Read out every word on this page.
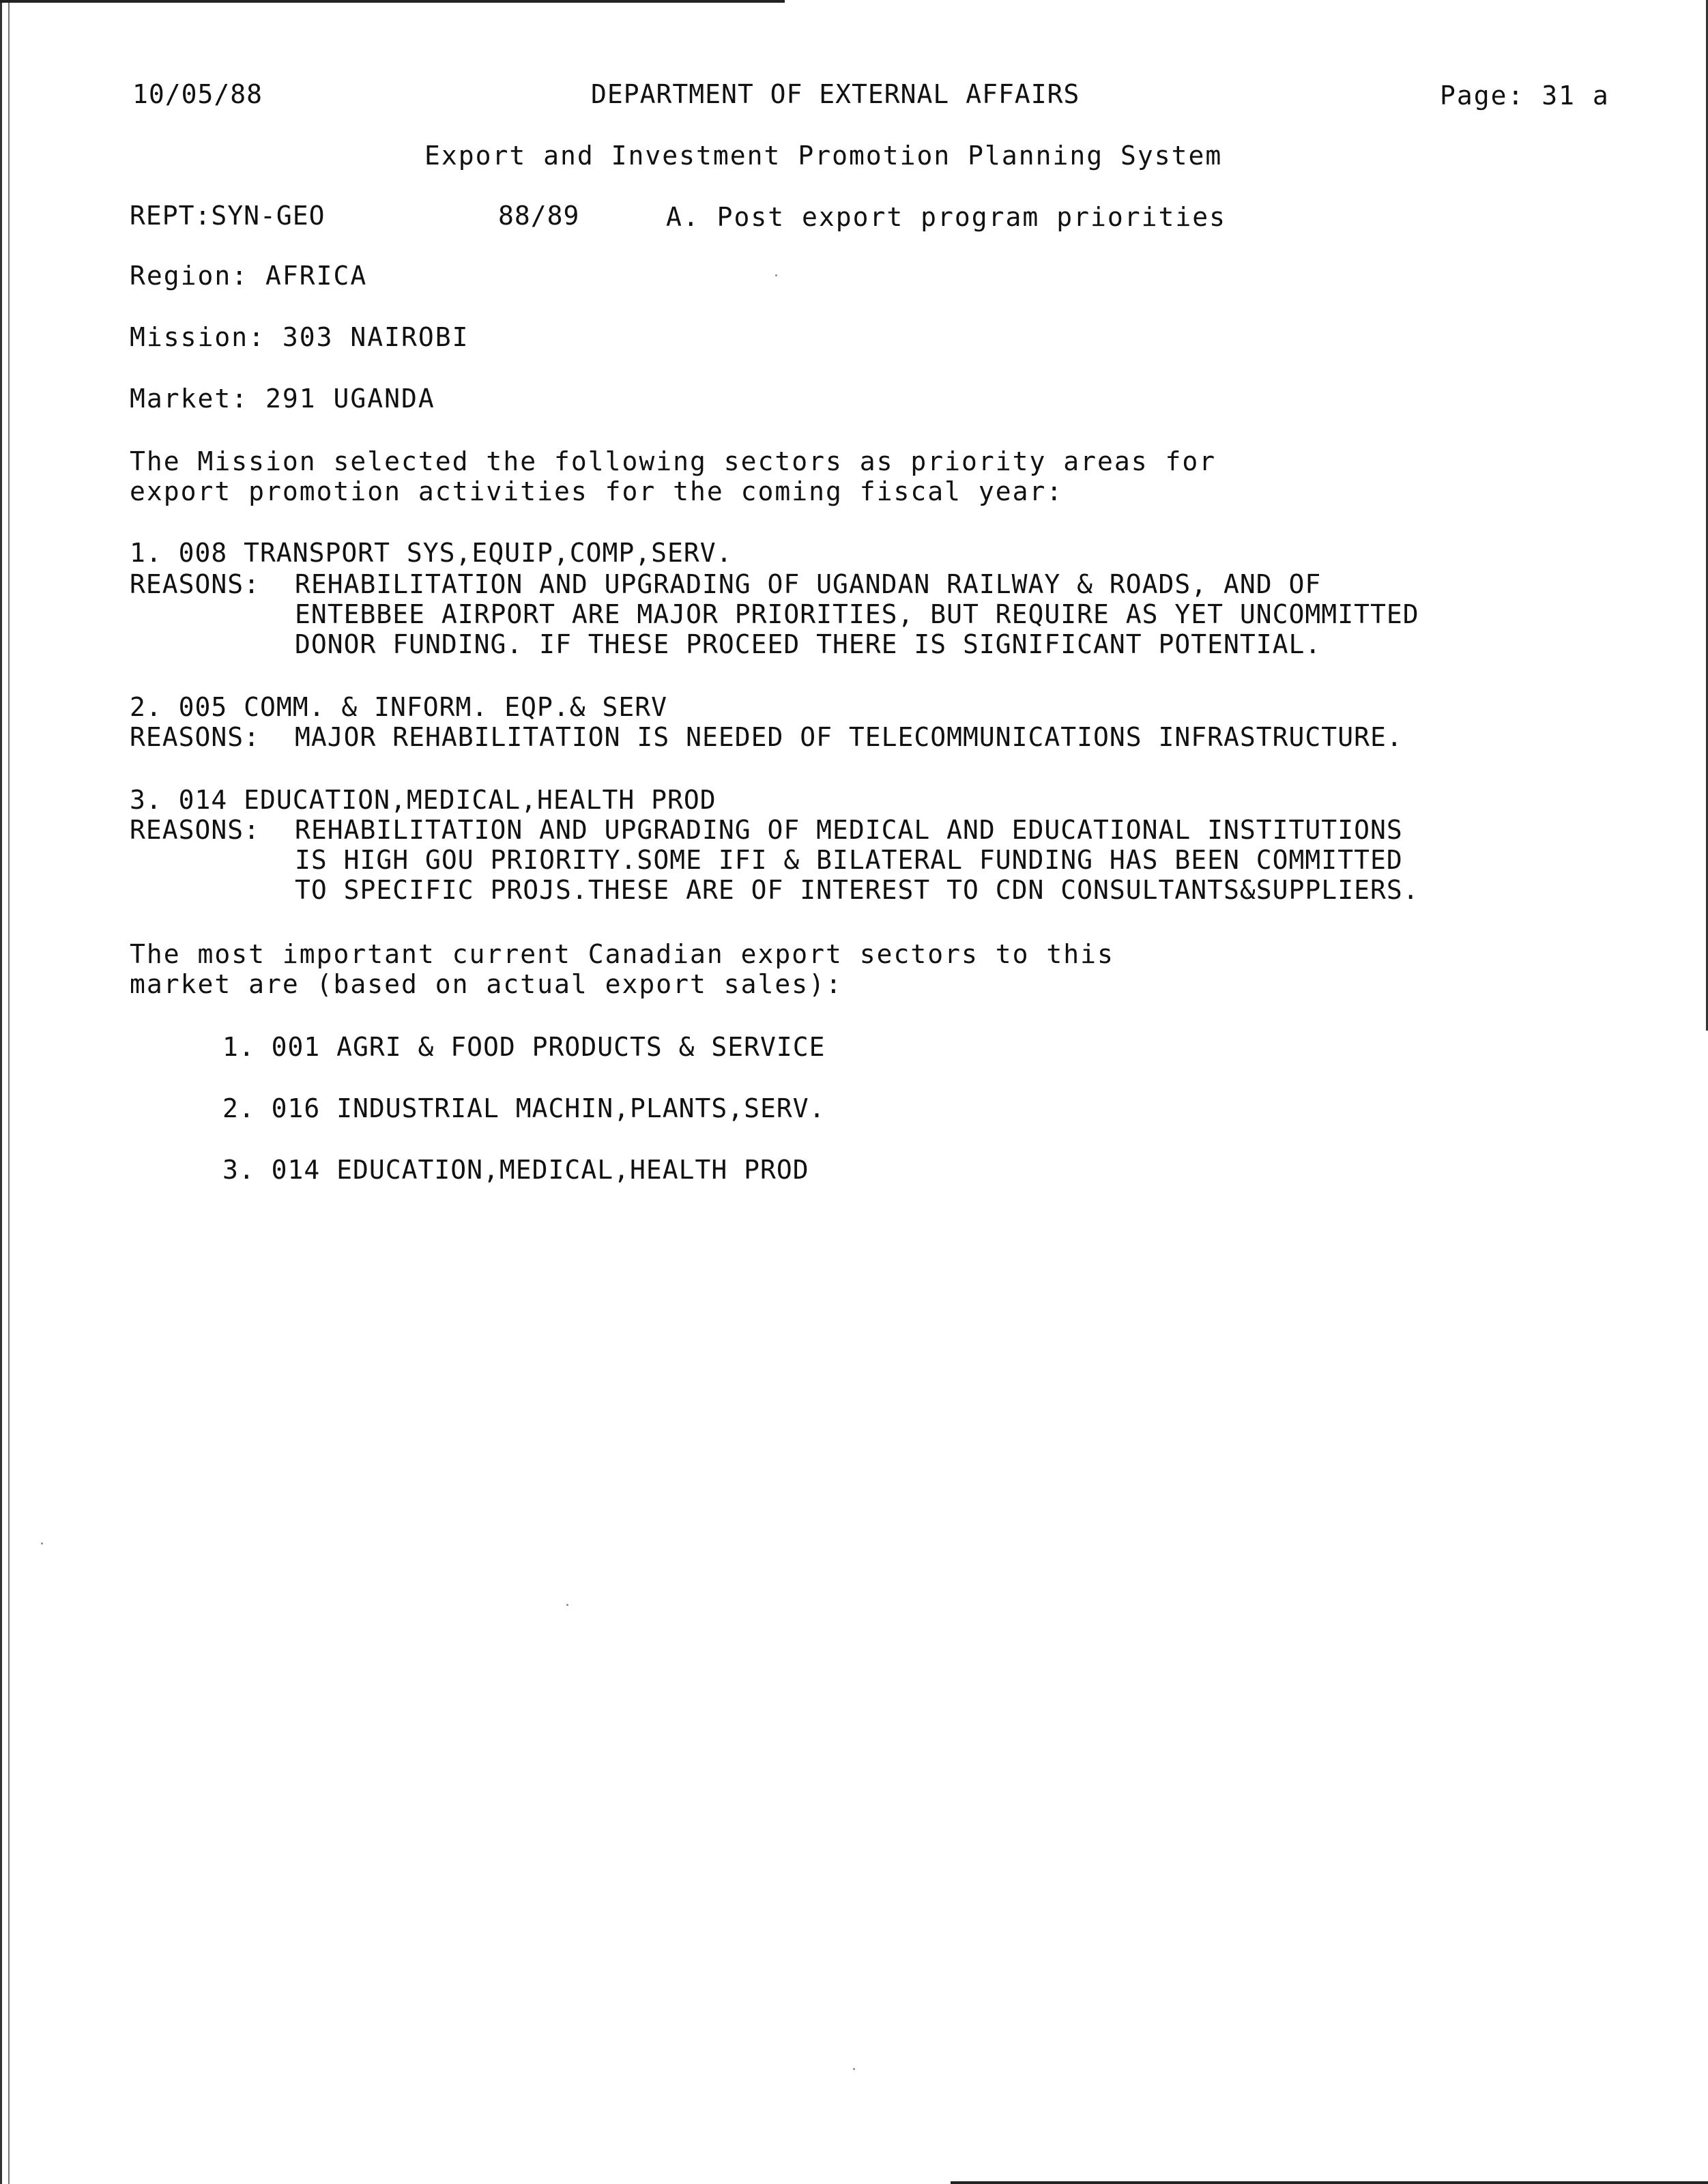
10/05/88	DEPARTMENT OF EXTERNAL AFFAIRS	Page: 31 a
Export and Investment Promotion Planning System
REPT:SYN-GEO	88/89	A. Post export program priorities
Region: AFRICA
Mission: 303 NAIROBI
Market: 291 UGANDA
The Mission selected the following sectors as priority areas for
export promotion activities for the coming fiscal year:
1. 008 TRANSPORT SYS,EQUIP,COMP,SERV.
REASONS: REHABILITATION AND UPGRADING OF UGANDAN RAILWAY & ROADS, AND OF
ENTEBBEE AIRPORT ARE MAJOR PRIORITIES, BUT REQUIRE AS YET UNCOMMITTED
DONOR FUNDING. IF THESE PROCEED THERE IS SIGNIFICANT POTENTIAL.
2. 005 COMM. & INFORM. EQP.& SERV
REASONS: MAJOR REHABILITATION IS NEEDED OF TELECOMMUNICATIONS INFRASTRUCTURE.
3. 014 EDUCATION,MEDICAL,HEALTH PROD
REASONS: REHABILITATION AND UPGRADING OF MEDICAL AND EDUCATIONAL INSTITUTIONS
IS HIGH GOU PRIORITY.SOME IFI & BILATERAL FUNDING HAS BEEN COMMITTED
TO SPECIFIC PROJS.THESE ARE OF INTEREST TO CDN CONSULTANTS&SUPPLIERS.
The most important current Canadian export sectors to this
market are (based on actual export sales):
1. 001 AGRI & FOOD PRODUCTS & SERVICE
2. 016 INDUSTRIAL MACHIN,PLANTS,SERV.
3. 014 EDUCATION,MEDICAL,HEALTH PROD
